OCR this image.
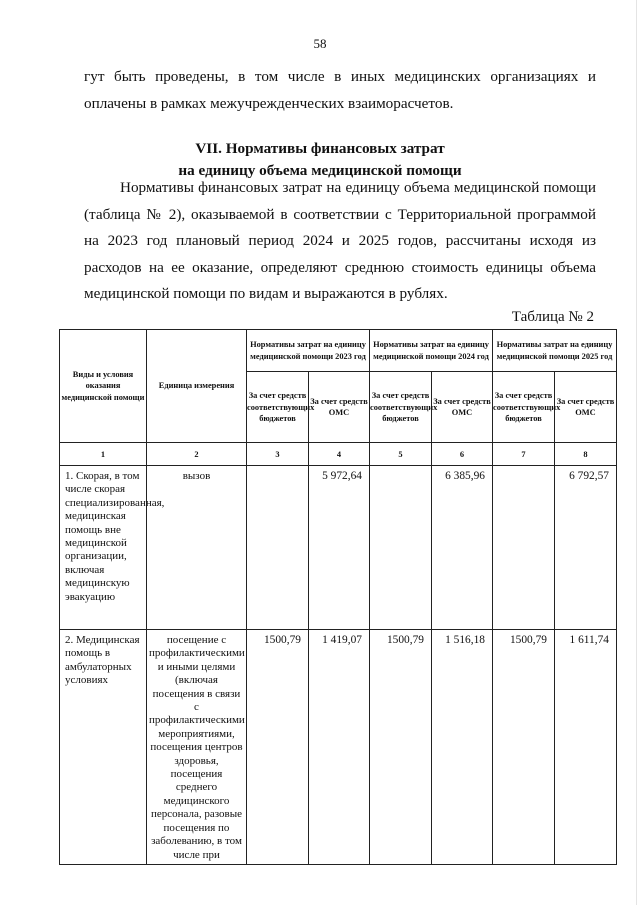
58
гут быть проведены, в том числе в иных медицинских организациях и оплачены в рамках межучрежденческих взаиморасчетов.
VII. Нормативы финансовых затрат
на единицу объема медицинской помощи
Нормативы финансовых затрат на единицу объема медицинской помощи (таблица № 2), оказываемой в соответствии с Территориальной программой на 2023 год плановый период 2024 и 2025 годов, рассчитаны исходя из расходов на ее оказание, определяют среднюю стоимость единицы объема медицинской помощи по видам и выражаются в рублях.
Таблица № 2
Виды и условия оказания медицинской помощи	Единица измерения	Нормативы затрат на единицу медицинской помощи 2023 год		Нормативы затрат на единицу медицинской помощи 2024 год		Нормативы затрат на единицу медицинской помощи 2025 год	
		За счет средств соответствующих бюджетов	За счет средств ОМС	За счет средств соответствующих бюджетов	За счет средств ОМС	За счет средств соответствующих бюджетов	За счет средств ОМС
1	2	3	4	5	6	7	8
1. Скорая, в том числе скорая специализированная, медицинская помощь вне медицинской организации, включая медицинскую эвакуацию	вызов		5 972,64		6 385,96		6 792,57
2. Медицинская помощь в амбулаторных условиях	посещение с профилактическими и иными целями (включая посещения в связи с профилактическими мероприятиями, посещения центров здоровья, посещения среднего медицинского персонала, разовые посещения по заболеванию, в том числе при	1500,79	1 419,07	1500,79	1 516,18	1500,79	1 611,74
